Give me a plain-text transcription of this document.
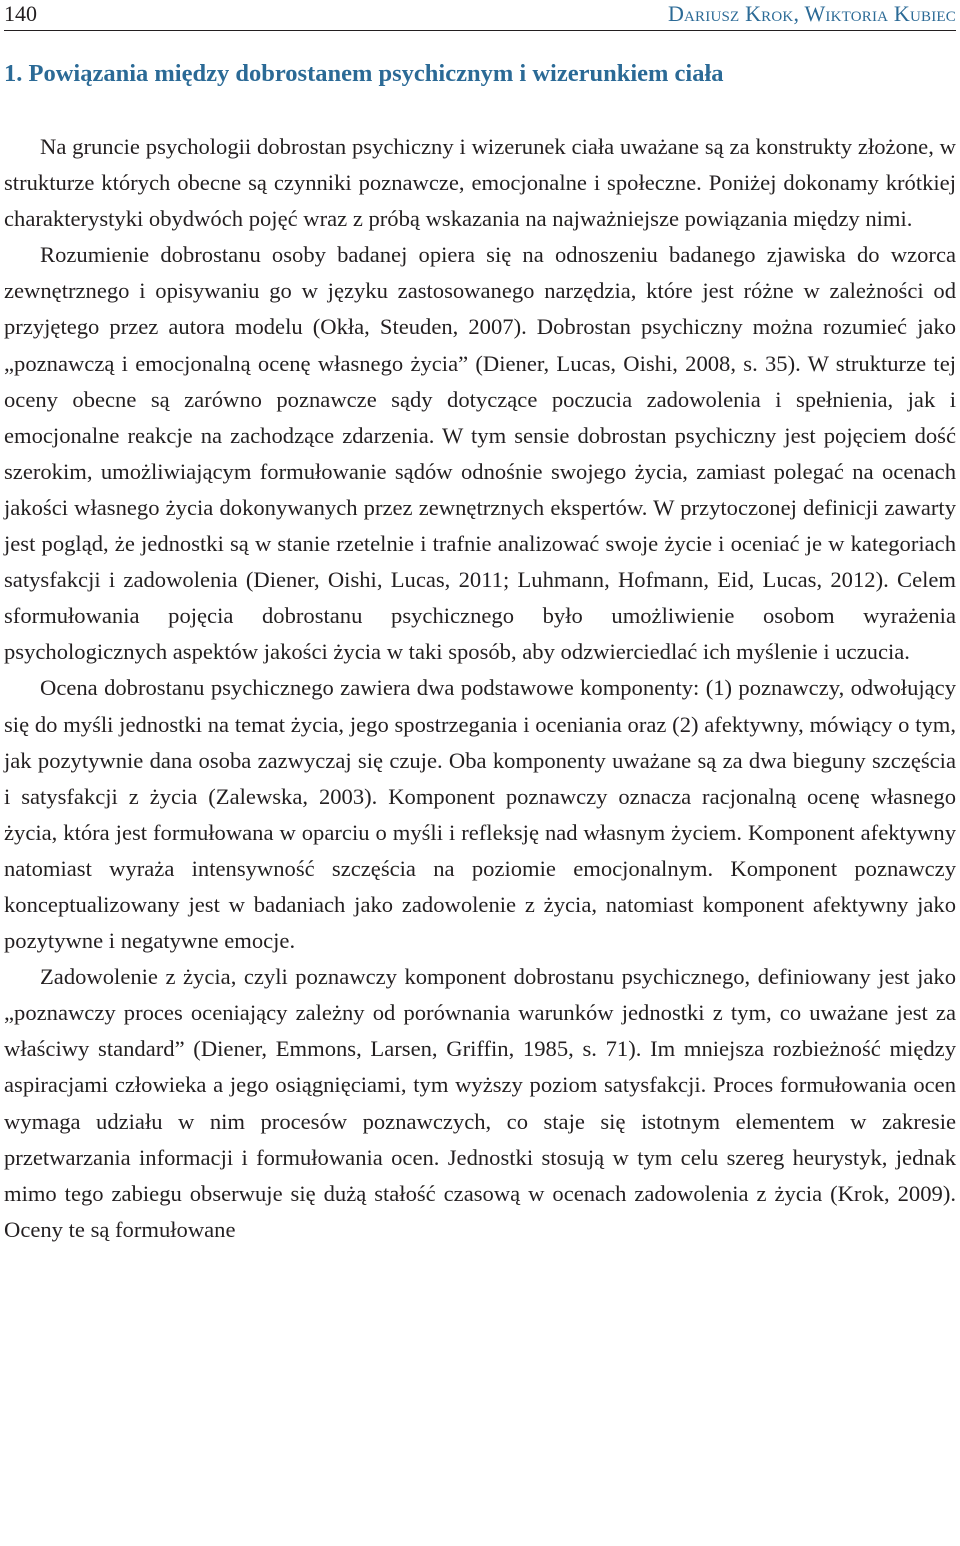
140	Dariusz Krok, Wiktoria Kubiec
1. Powiązania między dobrostanem psychicznym i wizerunkiem ciała

Na gruncie psychologii dobrostan psychiczny i wizerunek ciała uważane są za konstrukty złożone, w strukturze których obecne są czynniki poznawcze, emocjonalne i społeczne. Poniżej dokonamy krótkiej charakterystyki obydwóch pojęć wraz z próbą wskazania na najważniejsze powiązania między nimi.

Rozumienie dobrostanu osoby badanej opiera się na odnoszeniu badanego zjawiska do wzorca zewnętrznego i opisywaniu go w języku zastosowanego narzędzia, które jest różne w zależności od przyjętego przez autora modelu (Okła, Steuden, 2007). Dobrostan psychiczny można rozumieć jako „poznawczą i emocjonalną ocenę własnego życia” (Diener, Lucas, Oishi, 2008, s. 35). W strukturze tej oceny obecne są zarówno poznawcze sądy dotyczące poczucia zadowolenia i spełnienia, jak i emocjonalne reakcje na zachodzące zdarzenia. W tym sensie dobrostan psychiczny jest pojęciem dość szerokim, umożliwiającym formułowanie sądów odnośnie swojego życia, zamiast polegać na ocenach jakości własnego życia dokonywanych przez zewnętrznych ekspertów. W przytoczonej definicji zawarty jest pogląd, że jednostki są w stanie rzetelnie i trafnie analizować swoje życie i oceniać je w kategoriach satysfakcji i zadowolenia (Diener, Oishi, Lucas, 2011; Luhmann, Hofmann, Eid, Lucas, 2012). Celem sformułowania pojęcia dobrostanu psychicznego było umożliwienie osobom wyrażenia psychologicznych aspektów jakości życia w taki sposób, aby odzwierciedlać ich myślenie i uczucia.

Ocena dobrostanu psychicznego zawiera dwa podstawowe komponenty: (1) poznawczy, odwołujący się do myśli jednostki na temat życia, jego spostrzegania i oceniania oraz (2) afektywny, mówiący o tym, jak pozytywnie dana osoba zazwyczaj się czuje. Oba komponenty uważane są za dwa bieguny szczęścia i satysfakcji z życia (Zalewska, 2003). Komponent poznawczy oznacza racjonalną ocenę własnego życia, która jest formułowana w oparciu o myśli i refleksję nad własnym życiem. Komponent afektywny natomiast wyraża intensywność szczęścia na poziomie emocjonalnym. Komponent poznawczy konceptualizowany jest w badaniach jako zadowolenie z życia, natomiast komponent afektywny jako pozytywne i negatywne emocje.

Zadowolenie z życia, czyli poznawczy komponent dobrostanu psychicznego, definiowany jest jako „poznawczy proces oceniający zależny od porównania warunków jednostki z tym, co uważane jest za właściwy standard” (Diener, Emmons, Larsen, Griffin, 1985, s. 71). Im mniejsza rozbieżność między aspiracjami człowieka a jego osiągnięciami, tym wyższy poziom satysfakcji. Proces formułowania ocen wymaga udziału w nim procesów poznawczych, co staje się istotnym elementem w zakresie przetwarzania informacji i formułowania ocen. Jednostki stosują w tym celu szereg heurystyk, jednak mimo tego zabiegu obserwuje się dużą stałość czasową w ocenach zadowolenia z życia (Krok, 2009). Oceny te są formułowane
